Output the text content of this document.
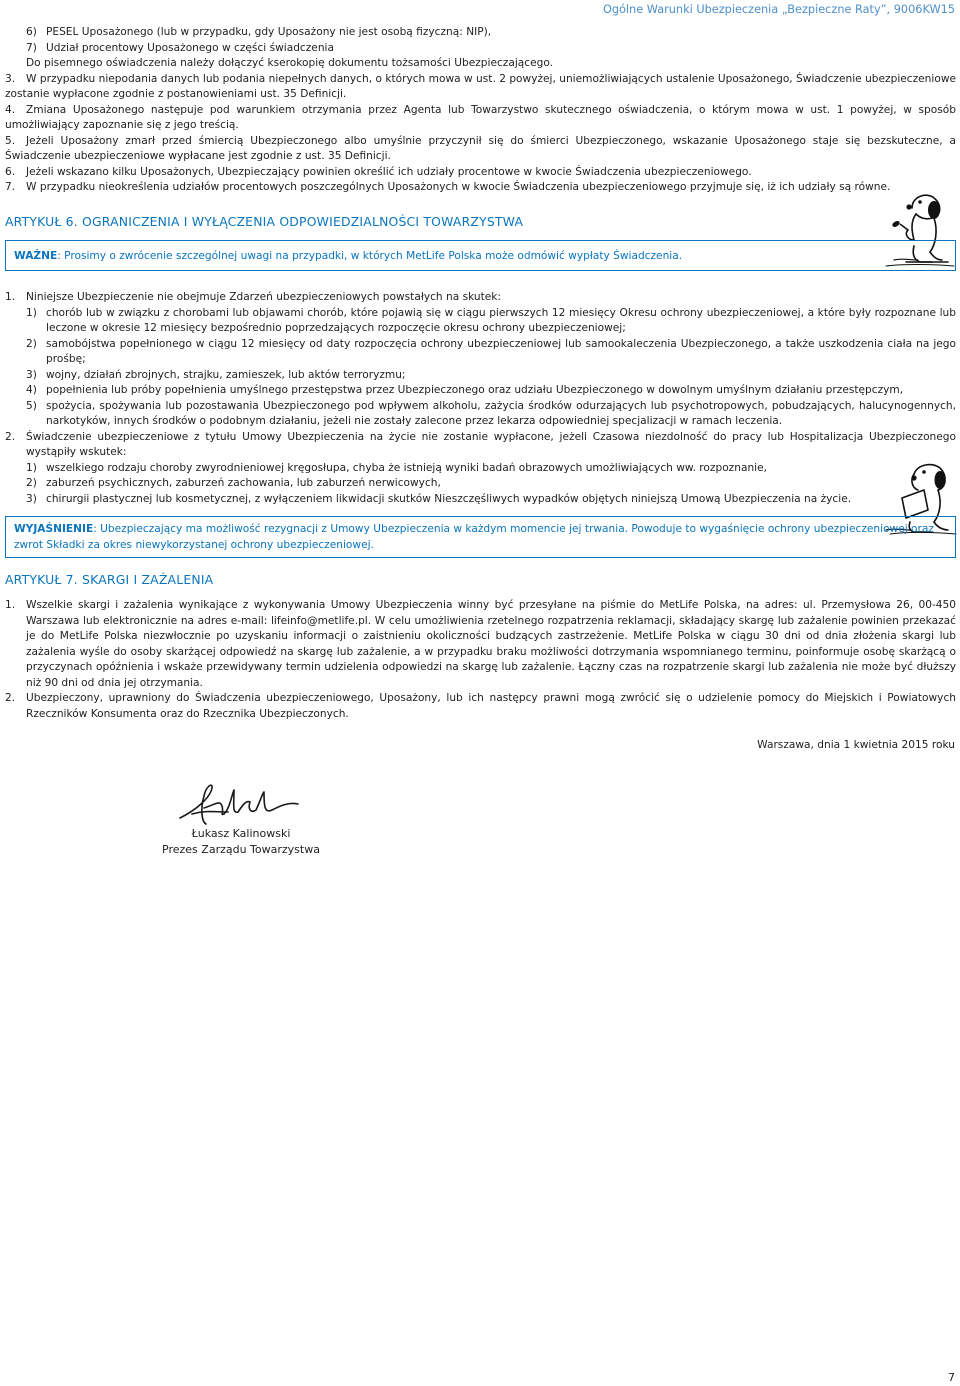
Ogólne Warunki Ubezpieczenia „Bezpieczne Raty”, 9006KW15
6) PESEL Uposażonego (lub w przypadku, gdy Uposażony nie jest osobą fizyczną: NIP),
7) Udział procentowy Uposażonego w części świadczenia
Do pisemnego oświadczenia należy dołączyć kserokopię dokumentu tożsamości Ubezpieczającego.
3.	W przypadku niepodania danych lub podania niepełnych danych, o których mowa w ust. 2 powyżej, uniemożliwiających ustalenie Uposażonego, Świadczenie ubezpieczeniowe zostanie wypłacone zgodnie z postanowieniami ust. 35 Definicji.
4.	Zmiana Uposażonego następuje pod warunkiem otrzymania przez Agenta lub Towarzystwo skutecznego oświadczenia, o którym mowa w ust. 1 powyżej, w sposób umożliwiający zapoznanie się z jego treścią.
5.	Jeżeli Uposażony zmarł przed śmiercią Ubezpieczonego albo umyślnie przyczynił się do śmierci Ubezpieczonego, wskazanie Uposażonego staje się bezskuteczne, a Świadczenie ubezpieczeniowe wypłacane jest zgodnie z ust. 35 Definicji.
6.	Jeżeli wskazano kilku Uposażonych, Ubezpieczający powinien określić ich udziały procentowe w kwocie Świadczenia ubezpieczeniowego.
7.	W przypadku nieokreślenia udziałów procentowych poszczególnych Uposażonych w kwocie Świadczenia ubezpieczeniowego przyjmuje się, iż ich udziały są równe.
ARTYKUŁ 6. OGRANICZENIA I WYŁĄCZENIA ODPOWIEDZIALNOŚCI TOWARZYSTWA
WAŻNE: Prosimy o zwrócenie szczególnej uwagi na przypadki, w których MetLife Polska może odmówić wypłaty Świadczenia.
1. Niniejsze Ubezpieczenie nie obejmuje Zdarzeń ubezpieczeniowych powstałych na skutek:
1) chorób lub w związku z chorobami lub objawami chorób, które pojawią się w ciągu pierwszych 12 miesięcy Okresu ochrony ubezpieczeniowej, a które były rozpoznane lub leczone w okresie 12 miesięcy bezpośrednio poprzedzających rozpoczęcie okresu ochrony ubezpieczeniowej;
2) samobójstwa popełnionego w ciągu 12 miesięcy od daty rozpoczęcia ochrony ubezpieczeniowej lub samookaleczenia Ubezpieczonego, a także uszkodzenia ciała na jego prośbę;
3) wojny, działań zbrojnych, strajku, zamieszek, lub aktów terroryzmu;
4) popełnienia lub próby popełnienia umyślnego przestępstwa przez Ubezpieczonego oraz udziału Ubezpieczonego w dowolnym umyślnym działaniu przestępczym,
5) spożycia, spożywania lub pozostawania Ubezpieczonego pod wpływem alkoholu, zażycia środków odurzających lub psychotropowych, pobudzających, halucynogennych, narkotyków, innych środków o podobnym działaniu, jeżeli nie zostały zalecone przez lekarza odpowiedniej specjalizacji w ramach leczenia.
2. Świadczenie ubezpieczeniowe z tytułu Umowy Ubezpieczenia na życie nie zostanie wypłacone, jeżeli Czasowa niezdolność do pracy lub Hospitalizacja Ubezpieczonego wystąpiły wskutek:
1) wszelkiego rodzaju choroby zwyrodnieniowej kręgosłupa, chyba że istnieją wyniki badań obrazowych umożliwiających ww. rozpoznanie,
2) zaburzeń psychicznych, zaburzeń zachowania, lub zaburzeń nerwicowych,
3) chirurgii plastycznej lub kosmetycznej, z wyłączeniem likwidacji skutków Nieszczęśliwych wypadków objętych niniejszą Umową Ubezpieczenia na życie.
WYJAŚNIENIE: Ubezpieczający ma możliwość rezygnacji z Umowy Ubezpieczenia w każdym momencie jej trwania. Powoduje to wygaśnięcie ochrony ubezpieczeniowej oraz zwrot Składki za okres niewykorzystanej ochrony ubezpieczeniowej.
ARTYKUŁ 7. SKARGI I ZAŻALENIA
1. Wszelkie skargi i zażalenia wynikające z wykonywania Umowy Ubezpieczenia winny być przesyłane na piśmie do MetLife Polska, na adres: ul. Przemysłowa 26, 00-450 Warszawa lub elektronicznie na adres e-mail: lifeinfo@metlife.pl. W celu umożliwienia rzetelnego rozpatrzenia reklamacji, składający skargę lub zażalenie powinien przekazać je do MetLife Polska niezwłocznie po uzyskaniu informacji o zaistnieniu okoliczności budzących zastrzeżenie. MetLife Polska w ciągu 30 dni od dnia złożenia skargi lub zażalenia wyśle do osoby skarżącej odpowiedź na skargę lub zażalenie, a w przypadku braku możliwości dotrzymania wspomnianego terminu, poinformuje osobę skarżącą o przyczynach opóźnienia i wskaże przewidywany termin udzielenia odpowiedzi na skargę lub zażalenie. Łączny czas na rozpatrzenie skargi lub zażalenia nie może być dłuższy niż 90 dni od dnia jej otrzymania.
2. Ubezpieczony, uprawniony do Świadczenia ubezpieczeniowego, Uposażony, lub ich następcy prawni mogą zwrócić się o udzielenie pomocy do Miejskich i Powiatowych Rzeczników Konsumenta oraz do Rzecznika Ubezpieczonych.
Warszawa, dnia 1 kwietnia 2015 roku
Łukasz Kalinowski
Prezes Zarządu Towarzystwa
7
